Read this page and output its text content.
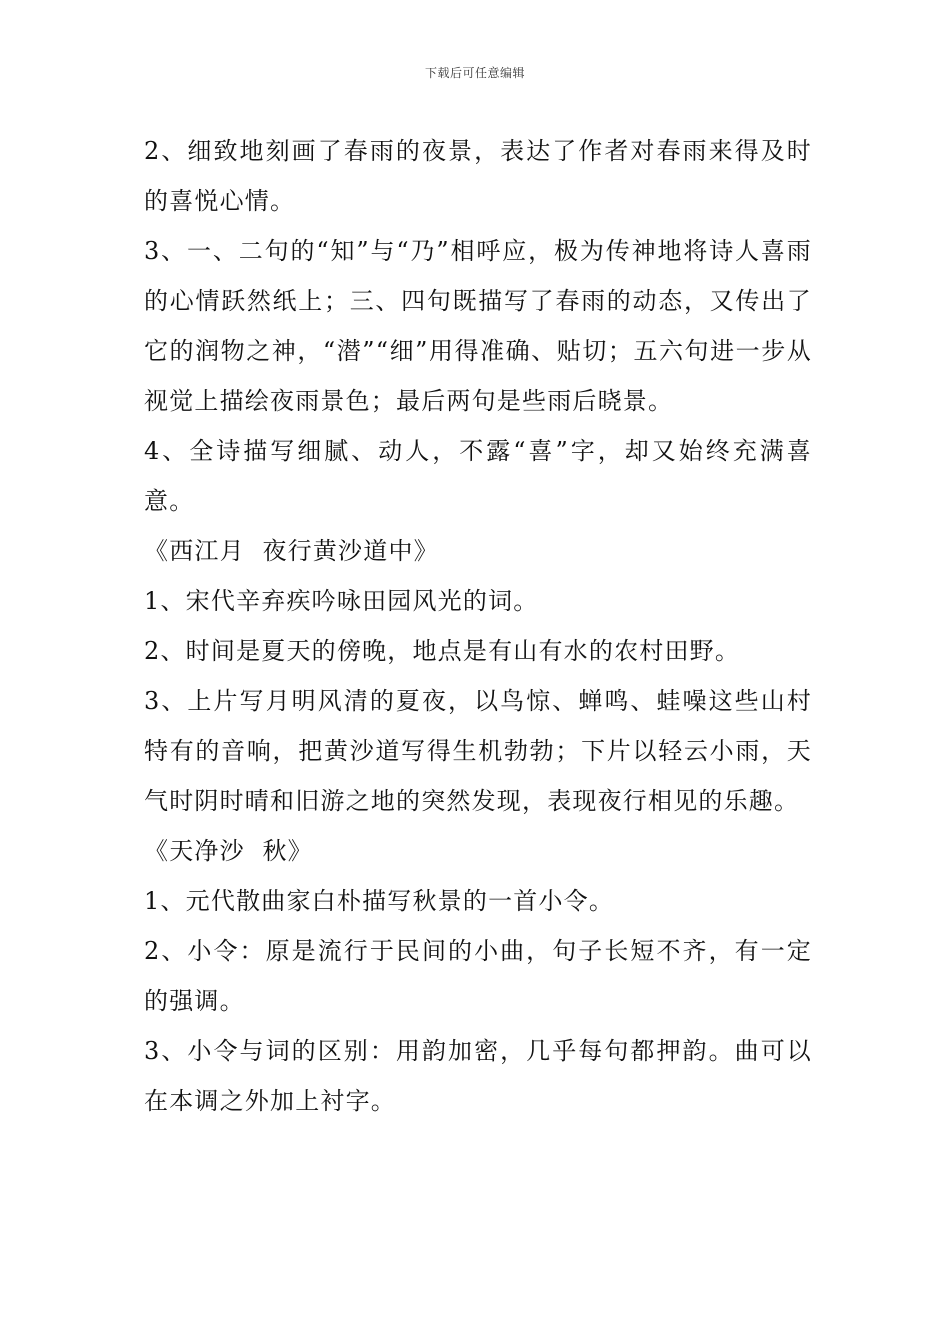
下载后可任意编辑

2、细致地刻画了春雨的夜景，表达了作者对春雨来得及时的喜悦心情。

3、一、二句的“知”与“乃”相呼应，极为传神地将诗人喜雨的心情跃然纸上；三、四句既描写了春雨的动态，又传出了它的润物之神，“潜”“细”用得准确、贴切；五六句进一步从视觉上描绘夜雨景色；最后两句是些雨后晓景。

4、全诗描写细腻、动人，不露“喜”字，却又始终充满喜意。

《西江月  夜行黄沙道中》

1、宋代辛弃疾吟咏田园风光的词。

2、时间是夏天的傍晚，地点是有山有水的农村田野。

3、上片写月明风清的夏夜，以鸟惊、蝉鸣、蛙噪这些山村特有的音响，把黄沙道写得生机勃勃；下片以轻云小雨，天气时阴时晴和旧游之地的突然发现，表现夜行相见的乐趣。

《天净沙  秋》

1、元代散曲家白朴描写秋景的一首小令。

2、小令：原是流行于民间的小曲，句子长短不齐，有一定的强调。

3、小令与词的区别：用韵加密，几乎每句都押韵。曲可以在本调之外加上衬字。
